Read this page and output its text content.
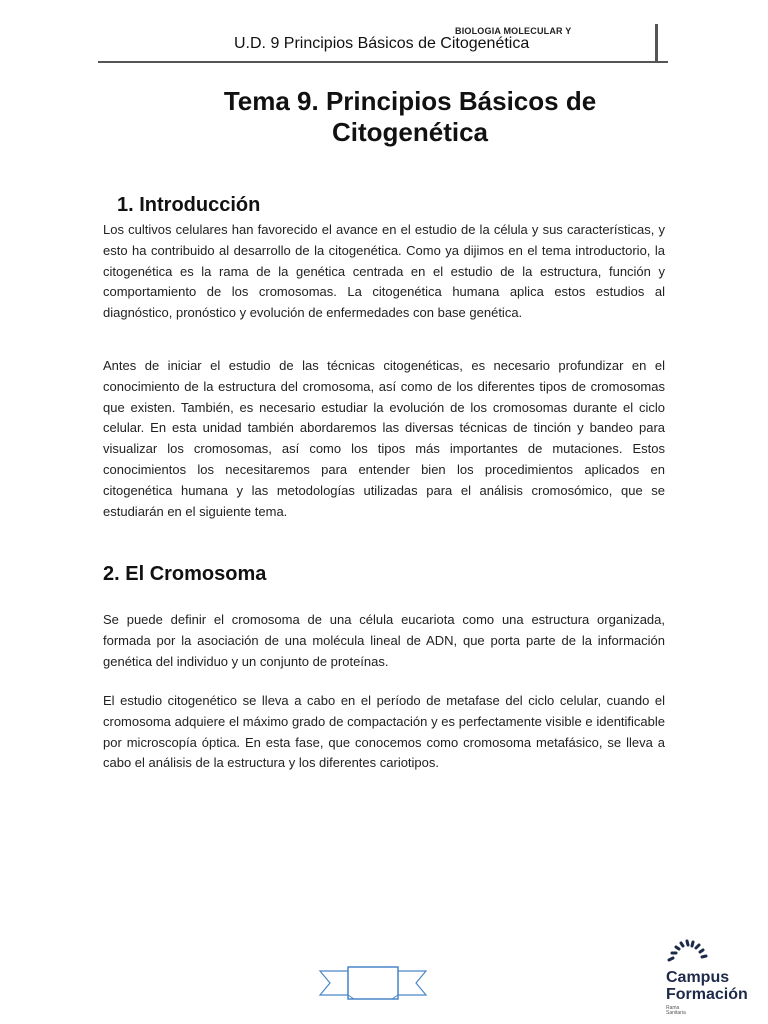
BIOLOGIA MOLECULAR Y
U.D. 9 Principios Básicos de Citogenética
Tema 9. Principios Básicos de
Citogenética
1. Introducción

Los cultivos celulares han favorecido el avance en el estudio de la célula y sus características, y esto ha contribuido al desarrollo de la citogenética. Como ya dijimos en el tema introductorio, la citogenética es la rama de la genética centrada en el estudio de la estructura, función y comportamiento de los cromosomas. La citogenética humana aplica estos estudios al diagnóstico, pronóstico y evolución de enfermedades con base genética.

Antes de iniciar el estudio de las técnicas citogenéticas, es necesario profundizar en el conocimiento de la estructura del cromosoma, así como de los diferentes tipos de cromosomas que existen. También, es necesario estudiar la evolución de los cromosomas durante el ciclo celular. En esta unidad también abordaremos las diversas técnicas de tinción y bandeo para visualizar los cromosomas, así como los tipos más importantes de mutaciones. Estos conocimientos los necesitaremos para entender bien los procedimientos aplicados en citogenética humana y las metodologías utilizadas para el análisis cromosómico, que se estudiarán en el siguiente tema.

2. El Cromosoma

Se puede definir el cromosoma de una célula eucariota como una estructura organizada, formada por la asociación de una molécula lineal de ADN, que porta parte de la información genética del individuo y un conjunto de proteínas.

El estudio citogenético se lleva a cabo en el período de metafase del ciclo celular, cuando el cromosoma adquiere el máximo grado de compactación y es perfectamente visible e identificable por microscopía óptica. En esta fase, que conocemos como cromosoma metafásico, se lleva a cabo el análisis de la estructura y los diferentes cariotipos.

Campus
Formación
Rama
Sanitaria
